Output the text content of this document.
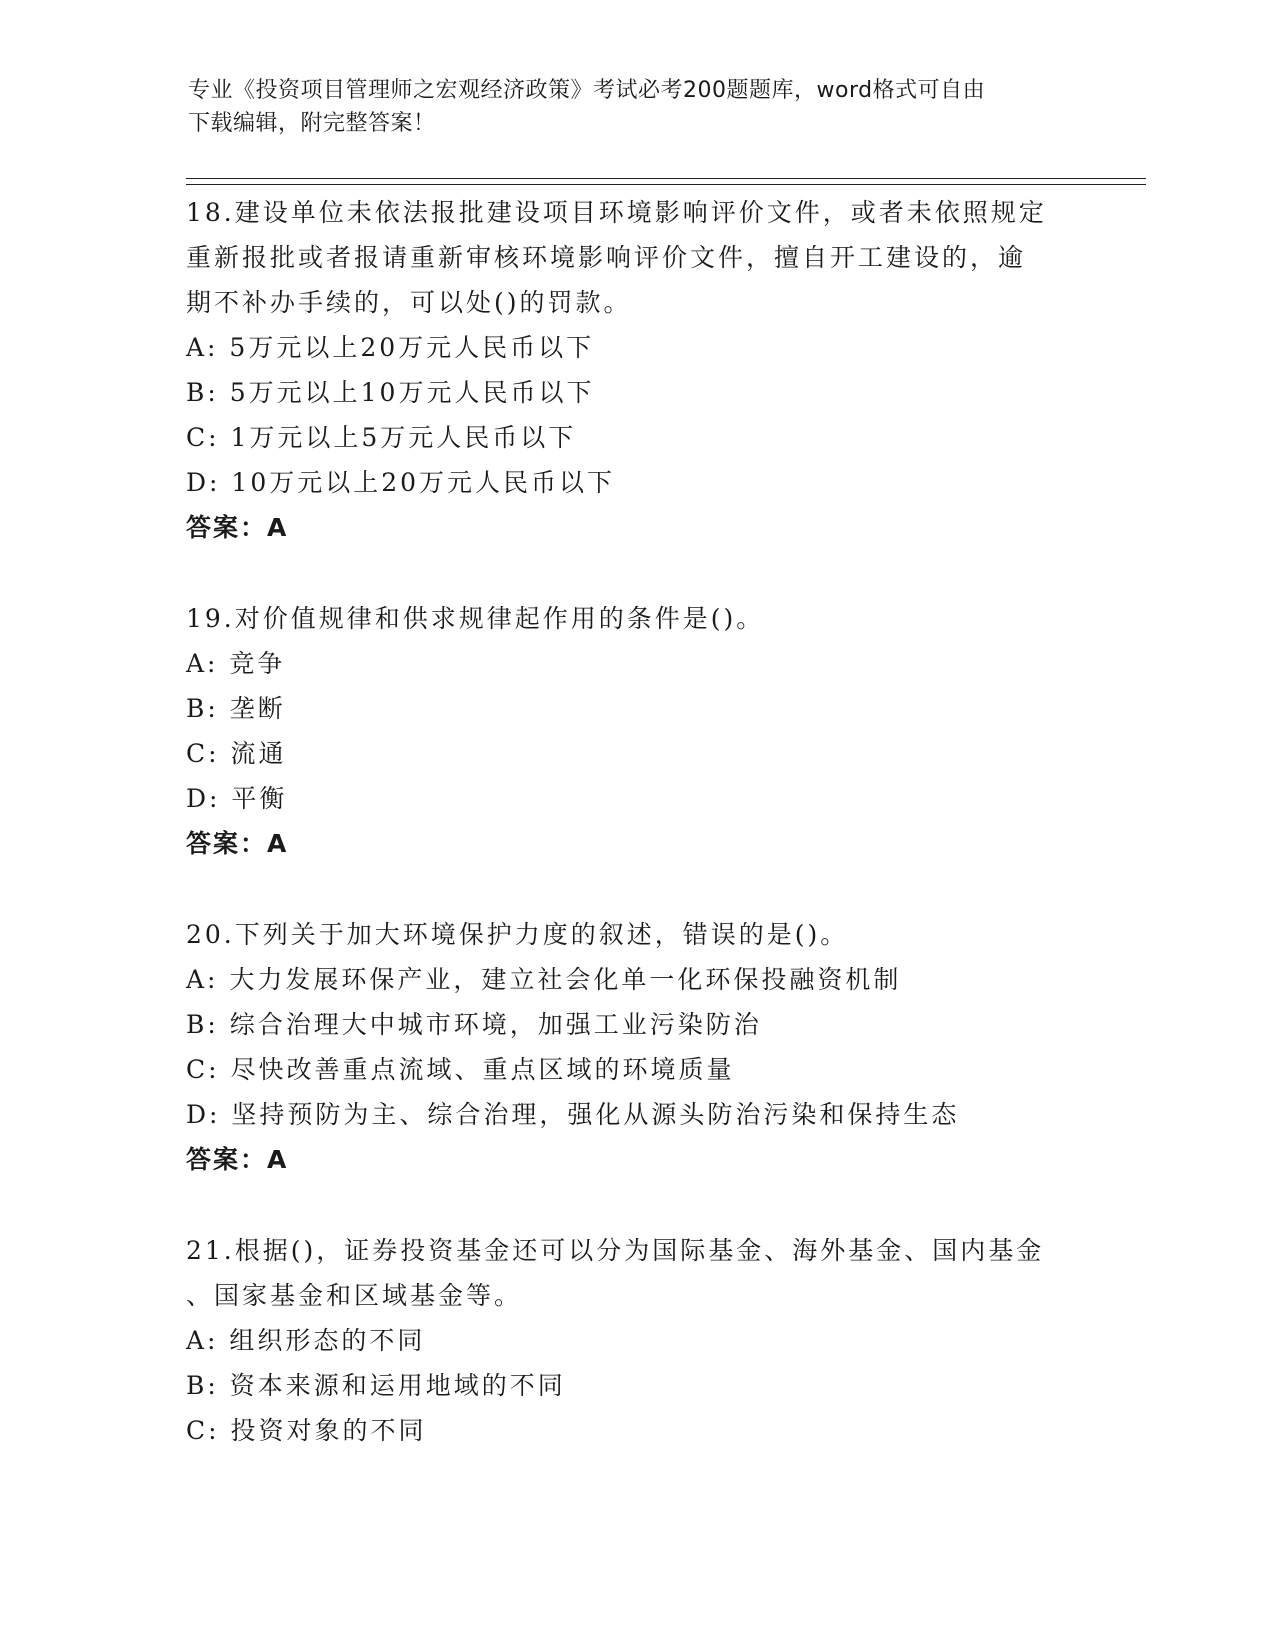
专业《投资项目管理师之宏观经济政策》考试必考200题题库，word格式可自由
下载编辑，附完整答案！
18.建设单位未依法报批建设项目环境影响评价文件，或者未依照规定
重新报批或者报请重新审核环境影响评价文件，擅自开工建设的，逾
期不补办手续的，可以处()的罚款。
A: 5万元以上20万元人民币以下
B: 5万元以上10万元人民币以下
C: 1万元以上5万元人民币以下
D: 10万元以上20万元人民币以下
答案：A
19.对价值规律和供求规律起作用的条件是()。
A: 竞争
B: 垄断
C: 流通
D: 平衡
答案：A
20.下列关于加大环境保护力度的叙述，错误的是()。
A: 大力发展环保产业，建立社会化单一化环保投融资机制
B: 综合治理大中城市环境，加强工业污染防治
C: 尽快改善重点流域、重点区域的环境质量
D: 坚持预防为主、综合治理，强化从源头防治污染和保持生态
答案：A
21.根据()，证券投资基金还可以分为国际基金、海外基金、国内基金
、国家基金和区域基金等。
A: 组织形态的不同
B: 资本来源和运用地域的不同
C: 投资对象的不同
